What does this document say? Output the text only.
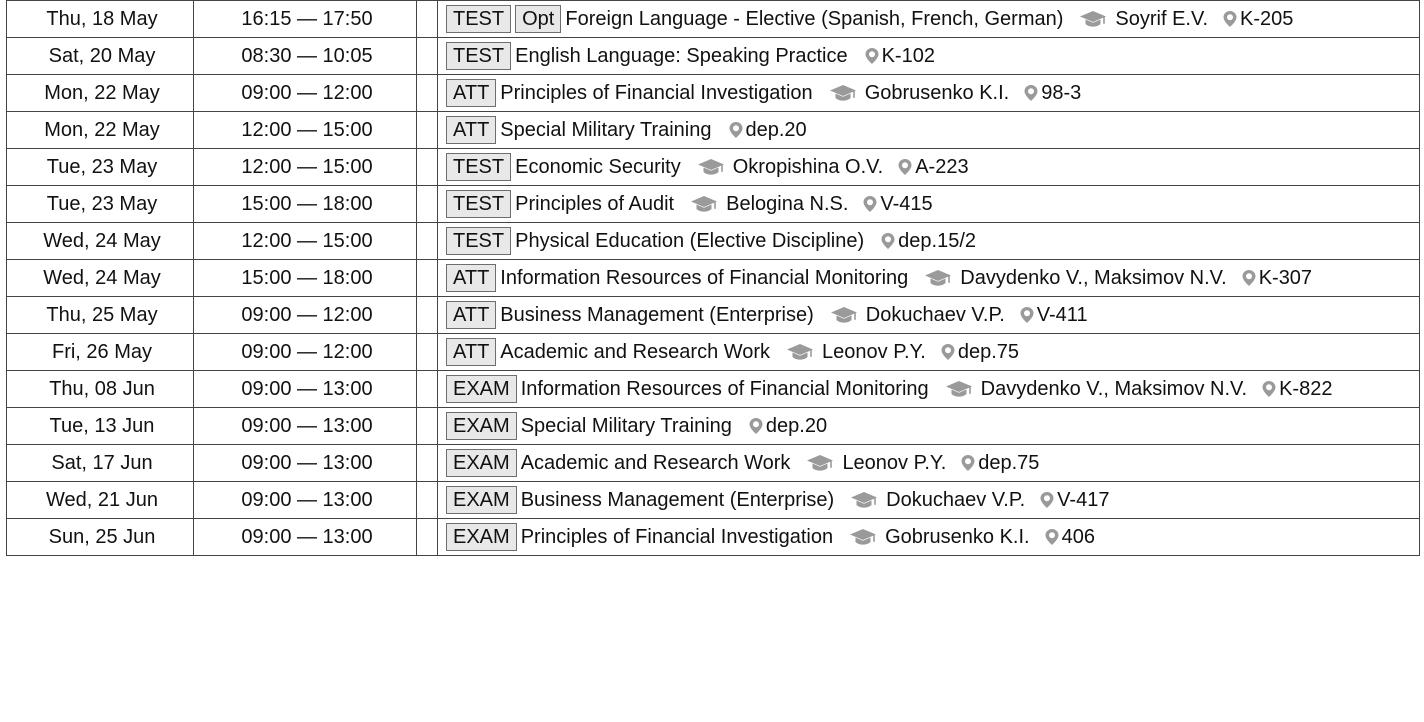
Thu, 18 May	16:15 — 17:50		TEST Opt Foreign Language - Elective (Spanish, French, German) Soyrif E.V. K-205
Sat, 20 May	08:30 — 10:05		TEST English Language: Speaking Practice K-102
Mon, 22 May	09:00 — 12:00		ATT Principles of Financial Investigation Gobrusenko K.I. 98-3
Mon, 22 May	12:00 — 15:00		ATT Special Military Training dep.20
Tue, 23 May	12:00 — 15:00		TEST Economic Security Okropishina O.V. A-223
Tue, 23 May	15:00 — 18:00		TEST Principles of Audit Belogina N.S. V-415
Wed, 24 May	12:00 — 15:00		TEST Physical Education (Elective Discipline) dep.15/2
Wed, 24 May	15:00 — 18:00		ATT Information Resources of Financial Monitoring Davydenko V., Maksimov N.V. K-307
Thu, 25 May	09:00 — 12:00		ATT Business Management (Enterprise) Dokuchaev V.P. V-411
Fri, 26 May	09:00 — 12:00		ATT Academic and Research Work Leonov P.Y. dep.75
Thu, 08 Jun	09:00 — 13:00		EXAM Information Resources of Financial Monitoring Davydenko V., Maksimov N.V. K-822
Tue, 13 Jun	09:00 — 13:00		EXAM Special Military Training dep.20
Sat, 17 Jun	09:00 — 13:00		EXAM Academic and Research Work Leonov P.Y. dep.75
Wed, 21 Jun	09:00 — 13:00		EXAM Business Management (Enterprise) Dokuchaev V.P. V-417
Sun, 25 Jun	09:00 — 13:00		EXAM Principles of Financial Investigation Gobrusenko K.I. 406
